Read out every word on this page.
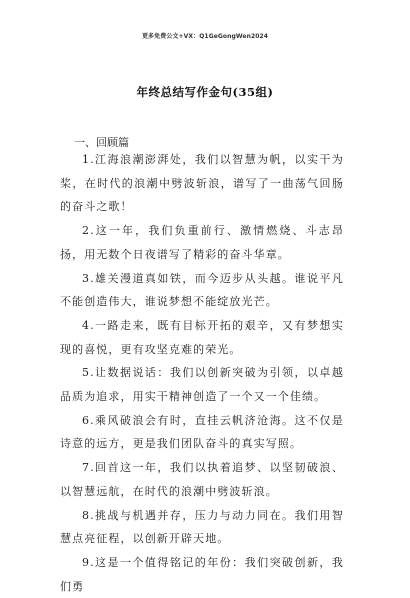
更多免费公文+VX：Q1GeGongWen2024
年终总结写作金句(35组)
一、回顾篇

1.江海浪潮澎湃处，我们以智慧为帆，以实干为桨，在时代的浪潮中劈波斩浪，谱写了一曲荡气回肠的奋斗之歌！

2.这一年，我们负重前行、激情燃烧、斗志昂扬，用无数个日夜谱写了精彩的奋斗华章。

3.雄关漫道真如铁，而今迈步从头越。谁说平凡不能创造伟大，谁说梦想不能绽放光芒。

4.一路走来，既有目标开拓的艰辛，又有梦想实现的喜悦，更有攻坚克难的荣光。

5.让数据说话：我们以创新突破为引领，以卓越品质为追求，用实干精神创造了一个又一个佳绩。

6.乘风破浪会有时，直挂云帆济沧海。这不仅是诗意的远方，更是我们团队奋斗的真实写照。

7.回首这一年，我们以执着追梦、以坚韧破浪、以智慧远航，在时代的浪潮中劈波斩浪。

8.挑战与机遇并存，压力与动力同在。我们用智慧点亮征程，以创新开辟天地。

9.这是一个值得铭记的年份：我们突破创新，我们勇
